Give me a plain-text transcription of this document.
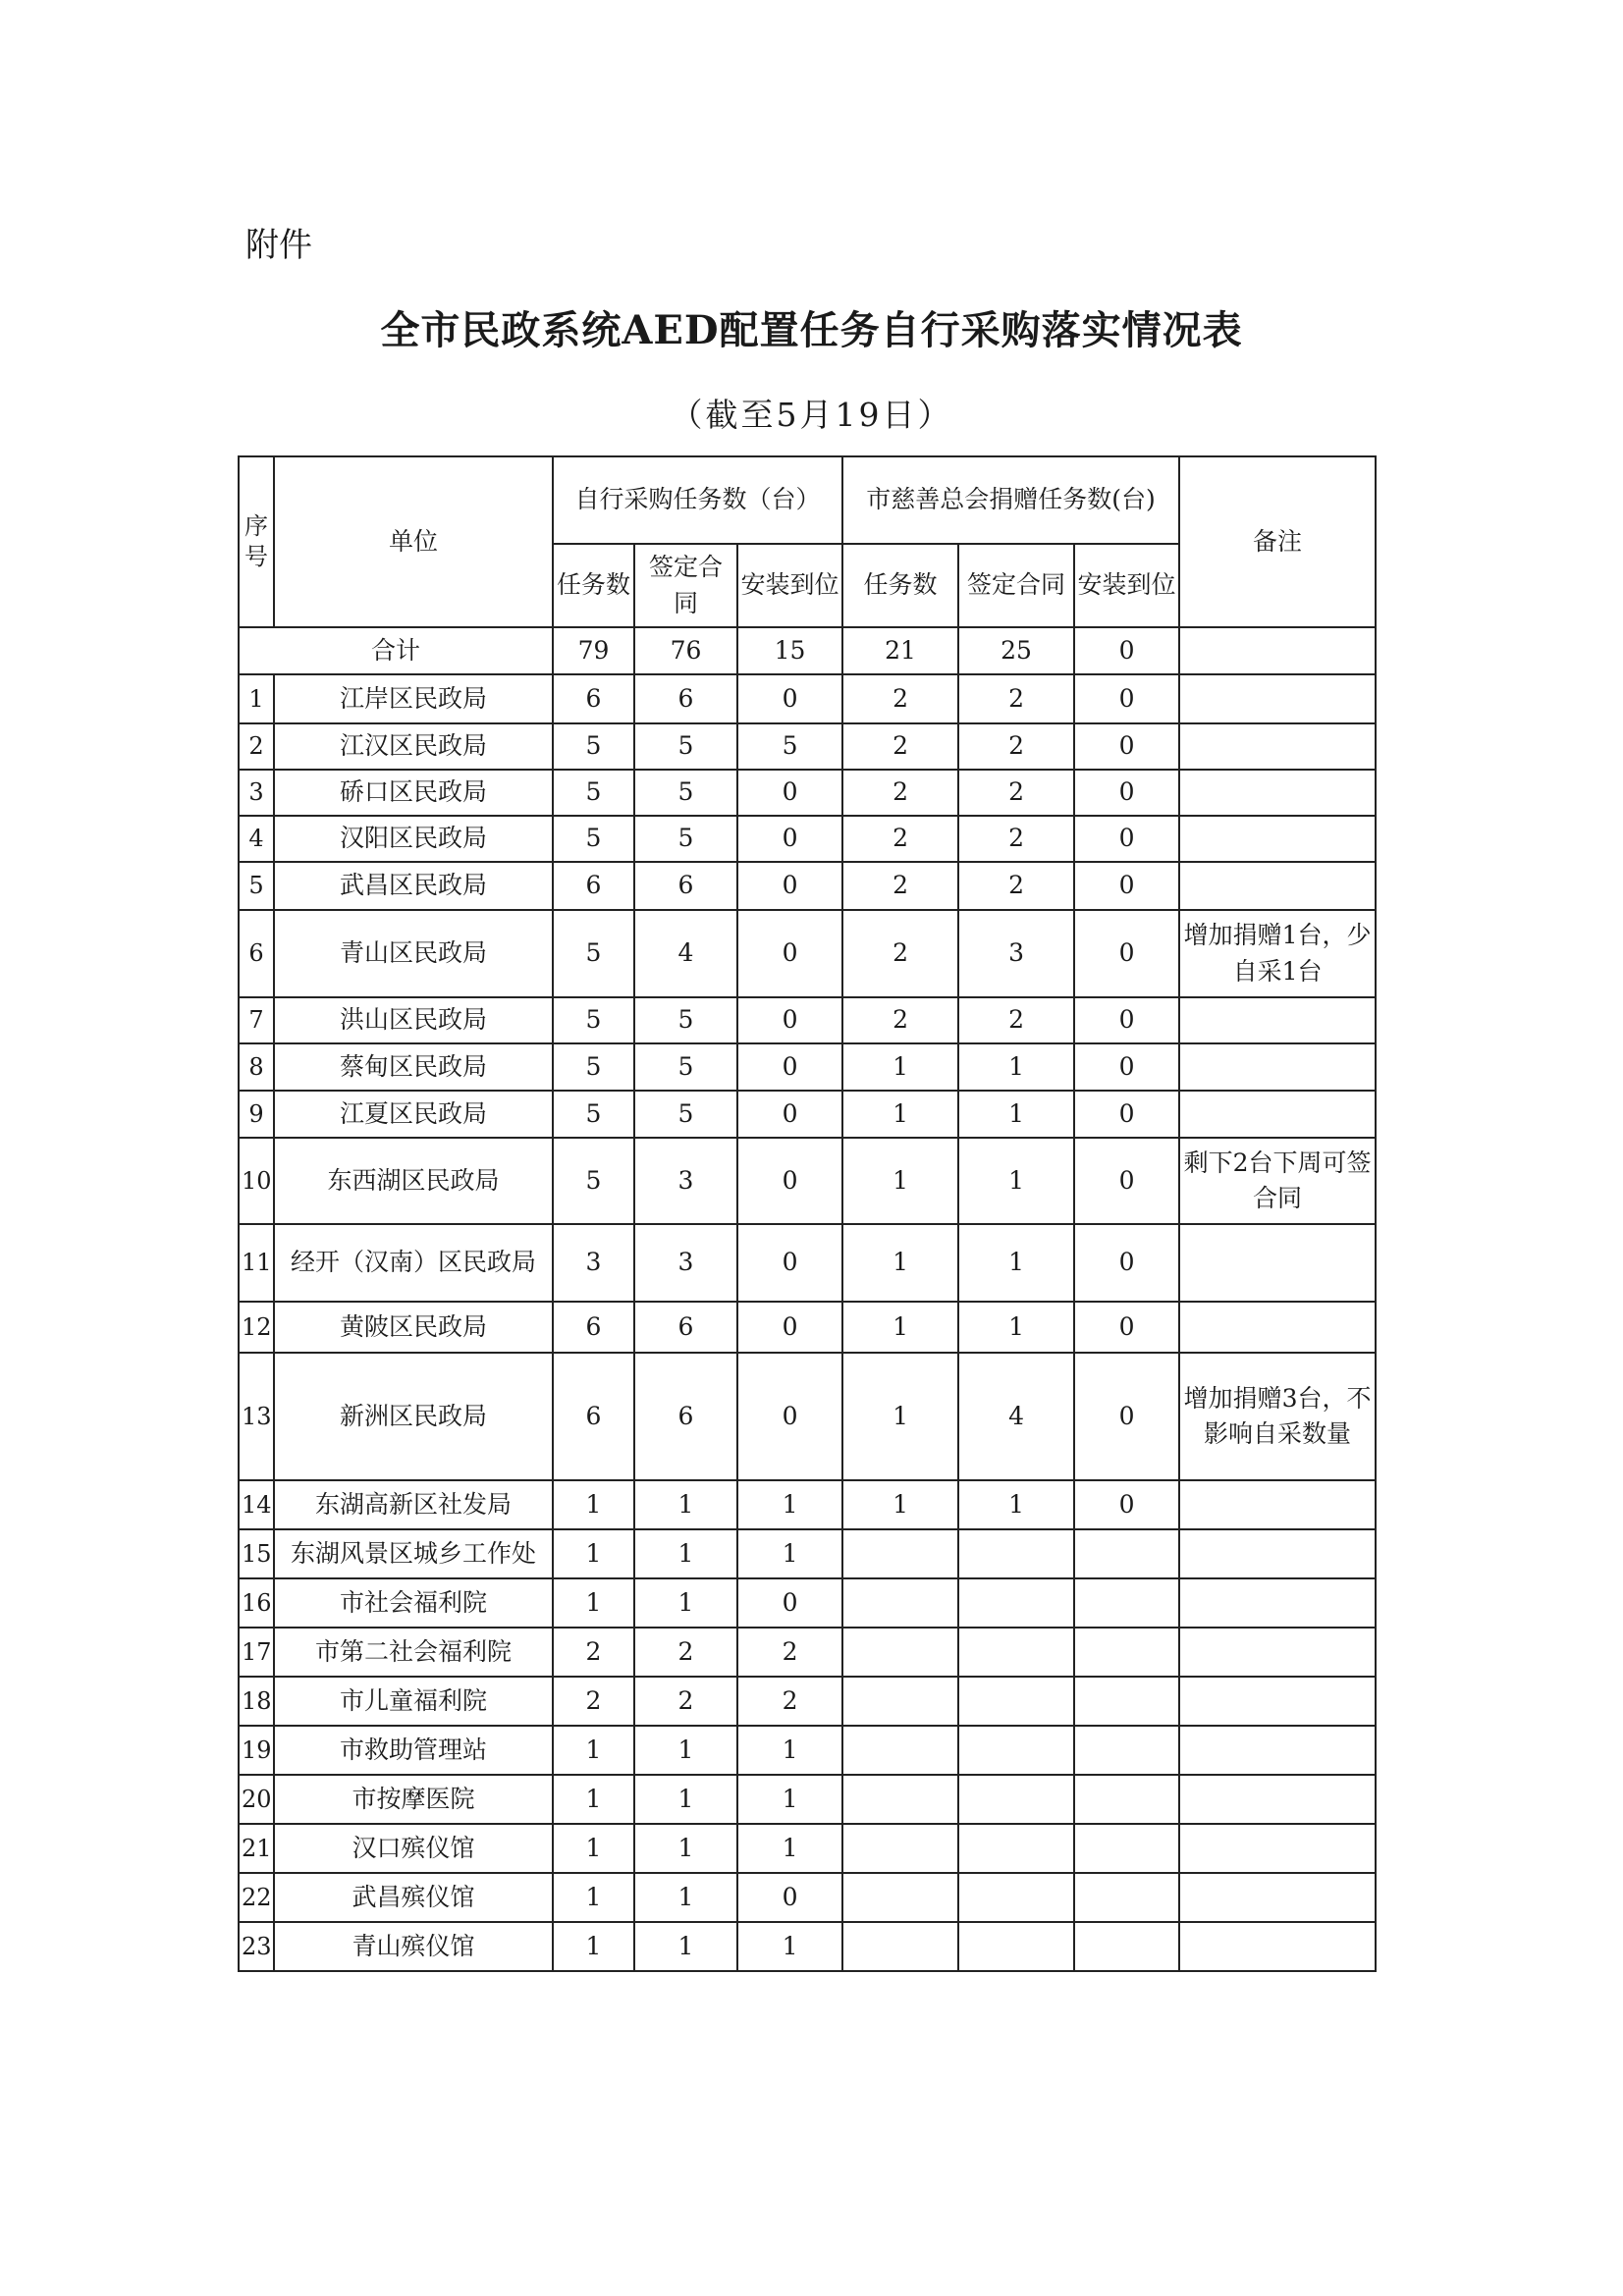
附件
全市民政系统AED配置任务自行采购落实情况表
（截至5月19日）
序号	单位	自行采购任务数（台）			市慈善总会捐赠任务数(台)			备注
		任务数	签定合同	安装到位	任务数	签定合同	安装到位	
合计		79	76	15	21	25	0	
1	江岸区民政局	6	6	0	2	2	0	
2	江汉区民政局	5	5	5	2	2	0	
3	硚口区民政局	5	5	0	2	2	0	
4	汉阳区民政局	5	5	0	2	2	0	
5	武昌区民政局	6	6	0	2	2	0	
6	青山区民政局	5	4	0	2	3	0	增加捐赠1台，少自采1台
7	洪山区民政局	5	5	0	2	2	0	
8	蔡甸区民政局	5	5	0	1	1	0	
9	江夏区民政局	5	5	0	1	1	0	
10	东西湖区民政局	5	3	0	1	1	0	剩下2台下周可签合同
11	经开（汉南）区民政局	3	3	0	1	1	0	
12	黄陂区民政局	6	6	0	1	1	0	
13	新洲区民政局	6	6	0	1	4	0	增加捐赠3台，不影响自采数量
14	东湖高新区社发局	1	1	1	1	1	0	
15	东湖风景区城乡工作处	1	1	1				
16	市社会福利院	1	1	0				
17	市第二社会福利院	2	2	2				
18	市儿童福利院	2	2	2				
19	市救助管理站	1	1	1				
20	市按摩医院	1	1	1				
21	汉口殡仪馆	1	1	1				
22	武昌殡仪馆	1	1	0				
23	青山殡仪馆	1	1	1				
